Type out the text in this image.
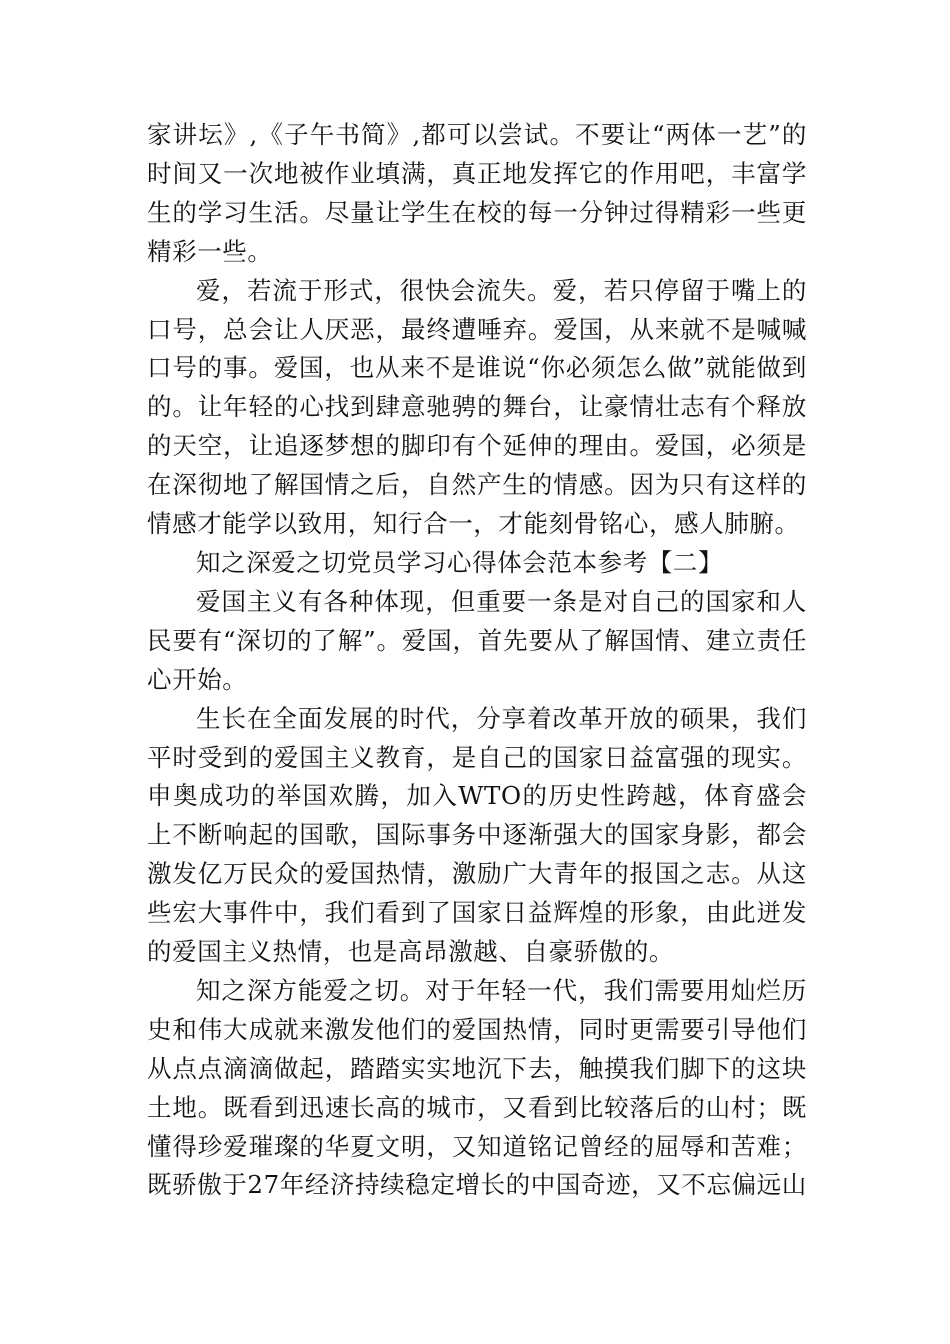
家讲坛》,《子午书简》,都可以尝试。不要让“两体一艺”的时间又一次地被作业填满，真正地发挥它的作用吧，丰富学生的学习生活。尽量让学生在校的每一分钟过得精彩一些更精彩一些。

爱，若流于形式，很快会流失。爱，若只停留于嘴上的口号，总会让人厌恶，最终遭唾弃。爱国，从来就不是喊喊口号的事。爱国，也从来不是谁说“你必须怎么做”就能做到的。让年轻的心找到肆意驰骋的舞台，让豪情壮志有个释放的天空，让追逐梦想的脚印有个延伸的理由。爱国，必须是在深彻地了解国情之后，自然产生的情感。因为只有这样的情感才能学以致用，知行合一，才能刻骨铭心，感人肺腑。

知之深爱之切党员学习心得体会范本参考【二】

爱国主义有各种体现，但重要一条是对自己的国家和人民要有“深切的了解”。爱国，首先要从了解国情、建立责任心开始。

生长在全面发展的时代，分享着改革开放的硕果，我们平时受到的爱国主义教育，是自己的国家日益富强的现实。申奥成功的举国欢腾，加入WTO的历史性跨越，体育盛会上不断响起的国歌，国际事务中逐渐强大的国家身影，都会激发亿万民众的爱国热情，激励广大青年的报国之志。从这些宏大事件中，我们看到了国家日益辉煌的形象，由此迸发的爱国主义热情，也是高昂激越、自豪骄傲的。

知之深方能爱之切。对于年轻一代，我们需要用灿烂历史和伟大成就来激发他们的爱国热情，同时更需要引导他们从点点滴滴做起，踏踏实实地沉下去，触摸我们脚下的这块土地。既看到迅速长高的城市，又看到比较落后的山村；既懂得珍爱璀璨的华夏文明，又知道铭记曾经的屈辱和苦难；既骄傲于27年经济持续稳定增长的中国奇迹，又不忘偏远山
